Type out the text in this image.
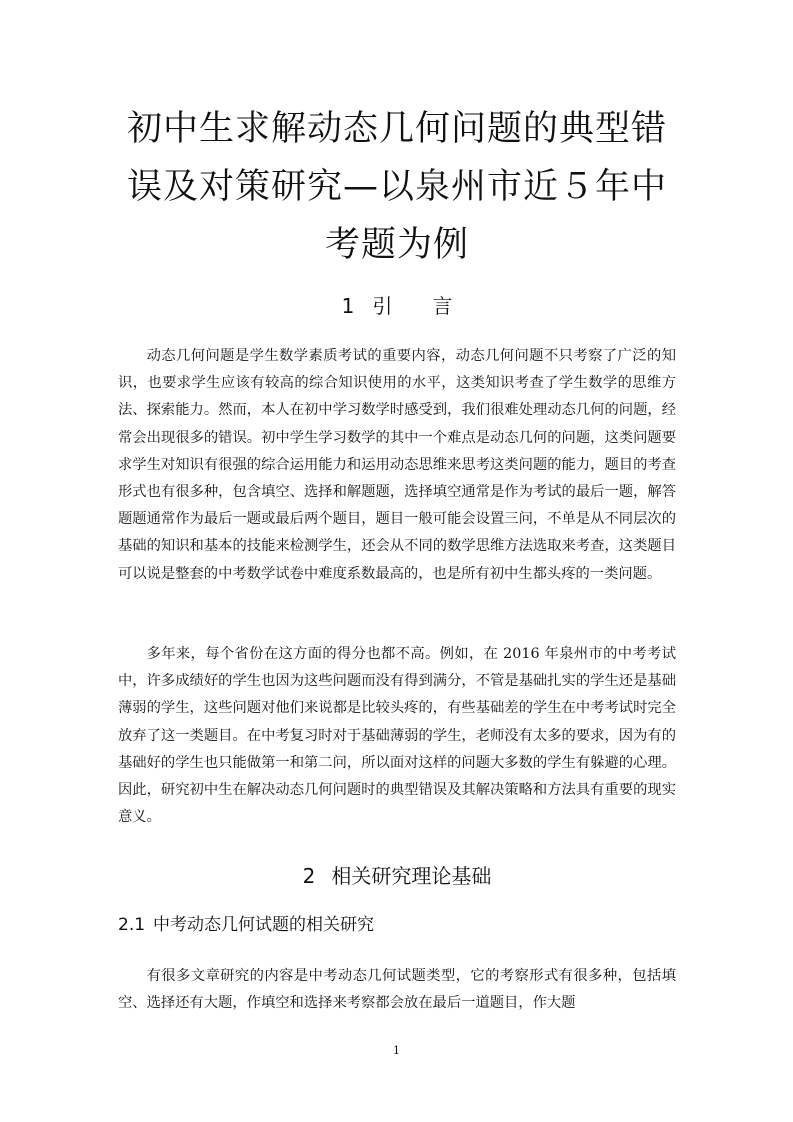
初中生求解动态几何问题的典型错误及对策研究—以泉州市近５年中考题为例
1 引 言

动态几何问题是学生数学素质考试的重要内容，动态几何问题不只考察了广泛的知识，也要求学生应该有较高的综合知识使用的水平，这类知识考查了学生数学的思维方法、探索能力。然而，本人在初中学习数学时感受到，我们很难处理动态几何的问题，经常会出现很多的错误。初中学生学习数学的其中一个难点是动态几何的问题，这类问题要求学生对知识有很强的综合运用能力和运用动态思维来思考这类问题的能力，题目的考查形式也有很多种，包含填空、选择和解题题，选择填空通常是作为考试的最后一题，解答题题通常作为最后一题或最后两个题目，题目一般可能会设置三问，不单是从不同层次的基础的知识和基本的技能来检测学生，还会从不同的数学思维方法选取来考查，这类题目可以说是整套的中考数学试卷中难度系数最高的，也是所有初中生都头疼的一类问题。

多年来，每个省份在这方面的得分也都不高。例如，在 2016 年泉州市的中考考试中，许多成绩好的学生也因为这些问题而没有得到满分，不管是基础扎实的学生还是基础薄弱的学生，这些问题对他们来说都是比较头疼的，有些基础差的学生在中考考试时完全放弃了这一类题目。在中考复习时对于基础薄弱的学生，老师没有太多的要求，因为有的基础好的学生也只能做第一和第二问，所以面对这样的问题大多数的学生有躲避的心理。因此，研究初中生在解决动态几何问题时的典型错误及其解决策略和方法具有重要的现实意义。

2 相关研究理论基础
2.1 中考动态几何试题的相关研究

有很多文章研究的内容是中考动态几何试题类型，它的考察形式有很多种，包括填空、选择还有大题，作填空和选择来考察都会放在最后一道题目，作大题

1
